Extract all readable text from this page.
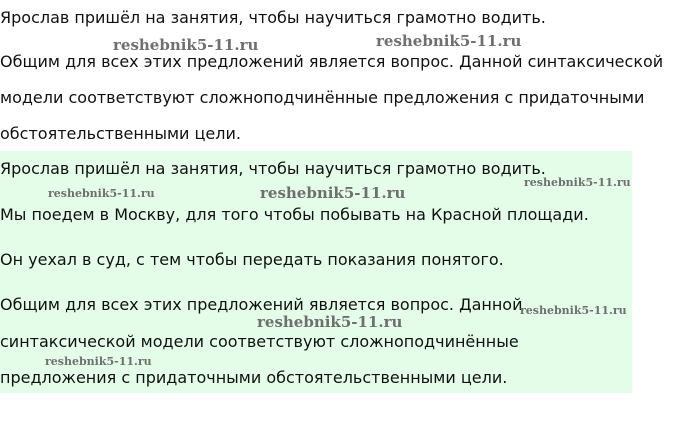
Ярослав пришёл на занятия, чтобы научиться грамотно водить.

Общим для всех этих предложений является вопрос. Данной синтаксической

модели соответствуют сложноподчинённые предложения с придаточными

обстоятельственными цели.

Ярослав пришёл на занятия, чтобы научиться грамотно водить.

Мы поедем в Москву, для того чтобы побывать на Красной площади.

Он уехал в суд, с тем чтобы передать показания понятого.

Общим для всех этих предложений является вопрос. Данной

синтаксической модели соответствуют сложноподчинённые

предложения с придаточными обстоятельственными цели.

reshebnik5-11.ru	reshebnik5-11.ru
reshebnik5-11.ru	reshebnik5-11.ru
reshebnik5-11.ru
reshebnik5-11.ru
reshebnik5-11.ru
reshebnik5-11.ru
